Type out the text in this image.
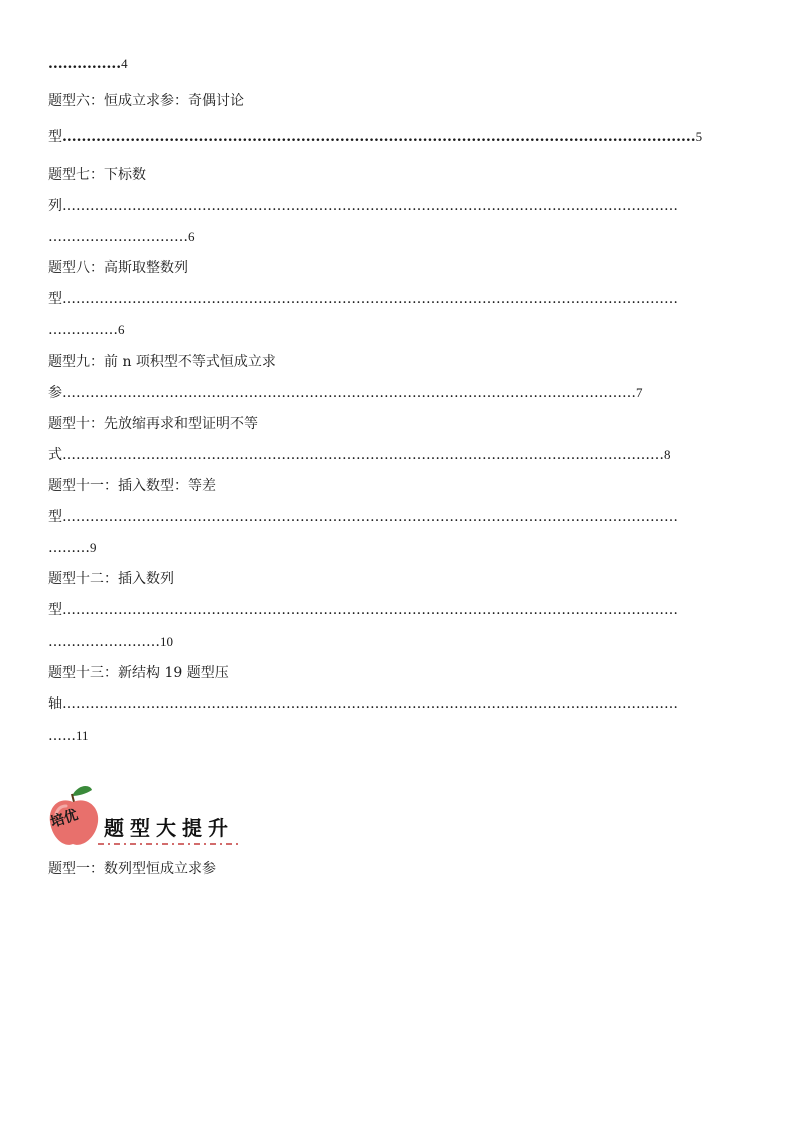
...............4
题型六：恒成立求参：奇偶讨论
型..................................................................................................................................5
题型七：下标数
列……………………………………………………………………………………………………………………
…………………………6
题型八：高斯取整数列
型……………………………………………………………………………………………………………………
……………6
题型九：前 n 项积型不等式恒成立求
参……………………………………………………………………………………………………………7
题型十：先放缩再求和型证明不等
式…………………………………………………………………………………………………………………8
题型十一：插入数型：等差
型……………………………………………………………………………………………………………………
………9
题型十二：插入数列
型……………………………………………………………………………………………………………………
……………………10
题型十三：新结构 19 题型压
轴……………………………………………………………………………………………………………………
……11
培优 题型大提升
题型一：数列型恒成立求参
